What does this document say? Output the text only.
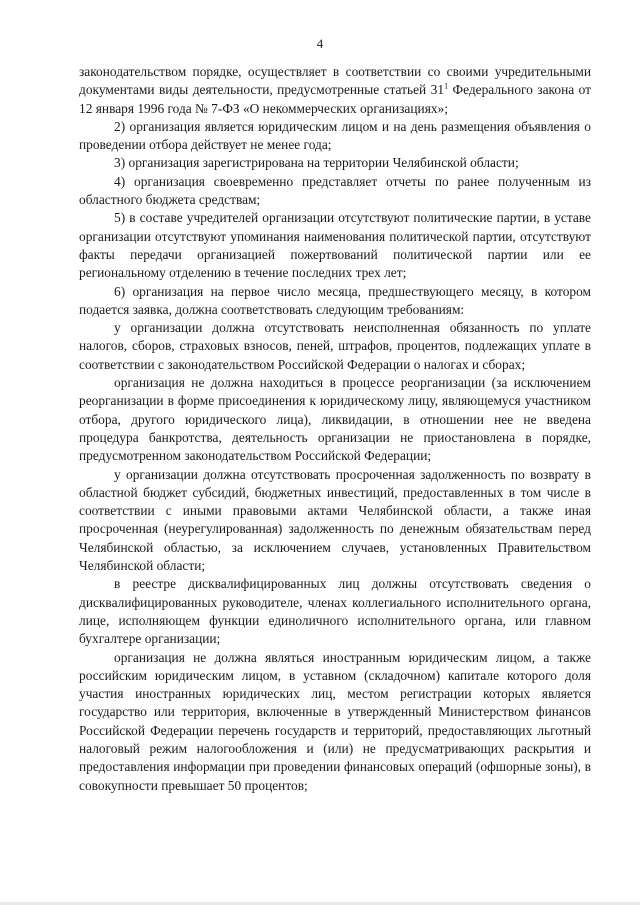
4

законодательством порядке, осуществляет в соответствии со своими учредительными документами виды деятельности, предусмотренные статьей $31^1$ Федерального закона от 12 января 1996 года № 7-ФЗ «О некоммерческих организациях»;

2) организация является юридическим лицом и на день размещения объявления о проведении отбора действует не менее года;

3) организация зарегистрирована на территории Челябинской области;

4) организация своевременно представляет отчеты по ранее полученным из областного бюджета средствам;

5) в составе учредителей организации отсутствуют политические партии, в уставе организации отсутствуют упоминания наименования политической партии, отсутствуют факты передачи организацией пожертвований политической партии или ее региональному отделению в течение последних трех лет;

6) организация на первое число месяца, предшествующего месяцу, в котором подается заявка, должна соответствовать следующим требованиям:

у организации должна отсутствовать неисполненная обязанность по уплате налогов, сборов, страховых взносов, пеней, штрафов, процентов, подлежащих уплате в соответствии с законодательством Российской Федерации о налогах и сборах;

организация не должна находиться в процессе реорганизации (за исключением реорганизации в форме присоединения к юридическому лицу, являющемуся участником отбора, другого юридического лица), ликвидации, в отношении нее не введена процедура банкротства, деятельность организации не приостановлена в порядке, предусмотренном законодательством Российской Федерации;

у организации должна отсутствовать просроченная задолженность по возврату в областной бюджет субсидий, бюджетных инвестиций, предоставленных в том числе в соответствии с иными правовыми актами Челябинской области, а также иная просроченная (неурегулированная) задолженность по денежным обязательствам перед Челябинской областью, за исключением случаев, установленных Правительством Челябинской области;

в реестре дисквалифицированных лиц должны отсутствовать сведения о дисквалифицированных руководителе, членах коллегиального исполнительного органа, лице, исполняющем функции единоличного исполнительного органа, или главном бухгалтере организации;

организация не должна являться иностранным юридическим лицом, а также российским юридическим лицом, в уставном (складочном) капитале которого доля участия иностранных юридических лиц, местом регистрации которых является государство или территория, включенные в утвержденный Министерством финансов Российской Федерации перечень государств и территорий, предоставляющих льготный налоговый режим налогообложения и (или) не предусматривающих раскрытия и предоставления информации при проведении финансовых операций (офшорные зоны), в совокупности превышает 50 процентов;
